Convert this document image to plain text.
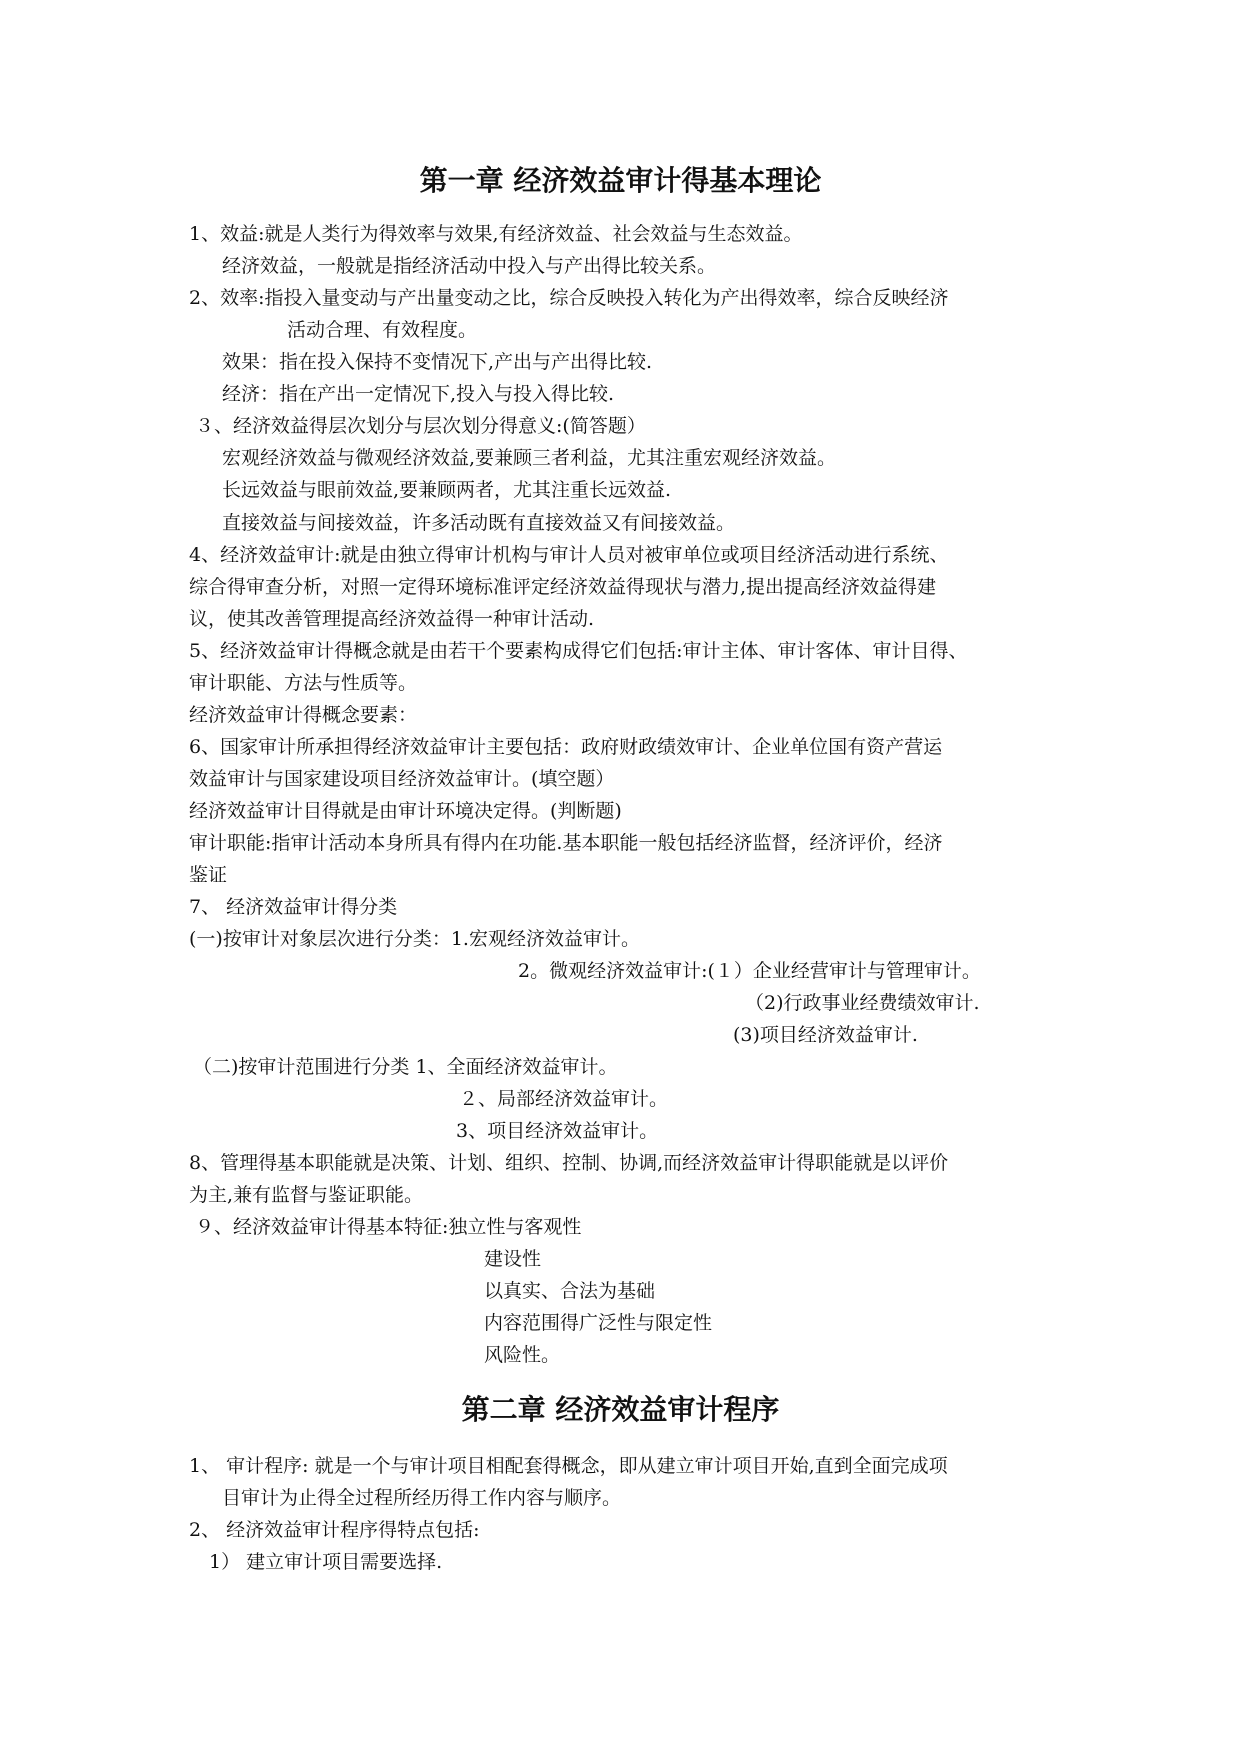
第一章 经济效益审计得基本理论
1、效益:就是人类行为得效率与效果,有经济效益、社会效益与生态效益。
经济效益，一般就是指经济活动中投入与产出得比较关系。
2、效率:指投入量变动与产出量变动之比，综合反映投入转化为产出得效率，综合反映经济
活动合理、有效程度。
效果：指在投入保持不变情况下,产出与产出得比较.
经济：指在产出一定情况下,投入与投入得比较.
３、经济效益得层次划分与层次划分得意义:(简答题）
宏观经济效益与微观经济效益,要兼顾三者利益，尤其注重宏观经济效益。
长远效益与眼前效益,要兼顾两者，尤其注重长远效益.
直接效益与间接效益，许多活动既有直接效益又有间接效益。
4、经济效益审计:就是由独立得审计机构与审计人员对被审单位或项目经济活动进行系统、
综合得审查分析，对照一定得环境标准评定经济效益得现状与潜力,提出提高经济效益得建
议，使其改善管理提高经济效益得一种审计活动.
5、经济效益审计得概念就是由若干个要素构成得它们包括:审计主体、审计客体、审计目得、
审计职能、方法与性质等。
经济效益审计得概念要素：
6、国家审计所承担得经济效益审计主要包括：政府财政绩效审计、企业单位国有资产营运
效益审计与国家建设项目经济效益审计。(填空题）
经济效益审计目得就是由审计环境决定得。(判断题)
审计职能:指审计活动本身所具有得内在功能.基本职能一般包括经济监督，经济评价，经济
鉴证
7、 经济效益审计得分类
(一)按审计对象层次进行分类：1.宏观经济效益审计。
2。微观经济效益审计:(１）企业经营审计与管理审计。
（2)行政事业经费绩效审计.
(3)项目经济效益审计.
（二)按审计范围进行分类 1、全面经济效益审计。
２、局部经济效益审计。
3、项目经济效益审计。
8、管理得基本职能就是决策、计划、组织、控制、协调,而经济效益审计得职能就是以评价
为主,兼有监督与鉴证职能。
９、经济效益审计得基本特征:独立性与客观性
建设性
以真实、合法为基础
内容范围得广泛性与限定性
风险性。
第二章 经济效益审计程序
1、 审计程序: 就是一个与审计项目相配套得概念，即从建立审计项目开始,直到全面完成项
目审计为止得全过程所经历得工作内容与顺序。
2、 经济效益审计程序得特点包括:
1） 建立审计项目需要选择.
